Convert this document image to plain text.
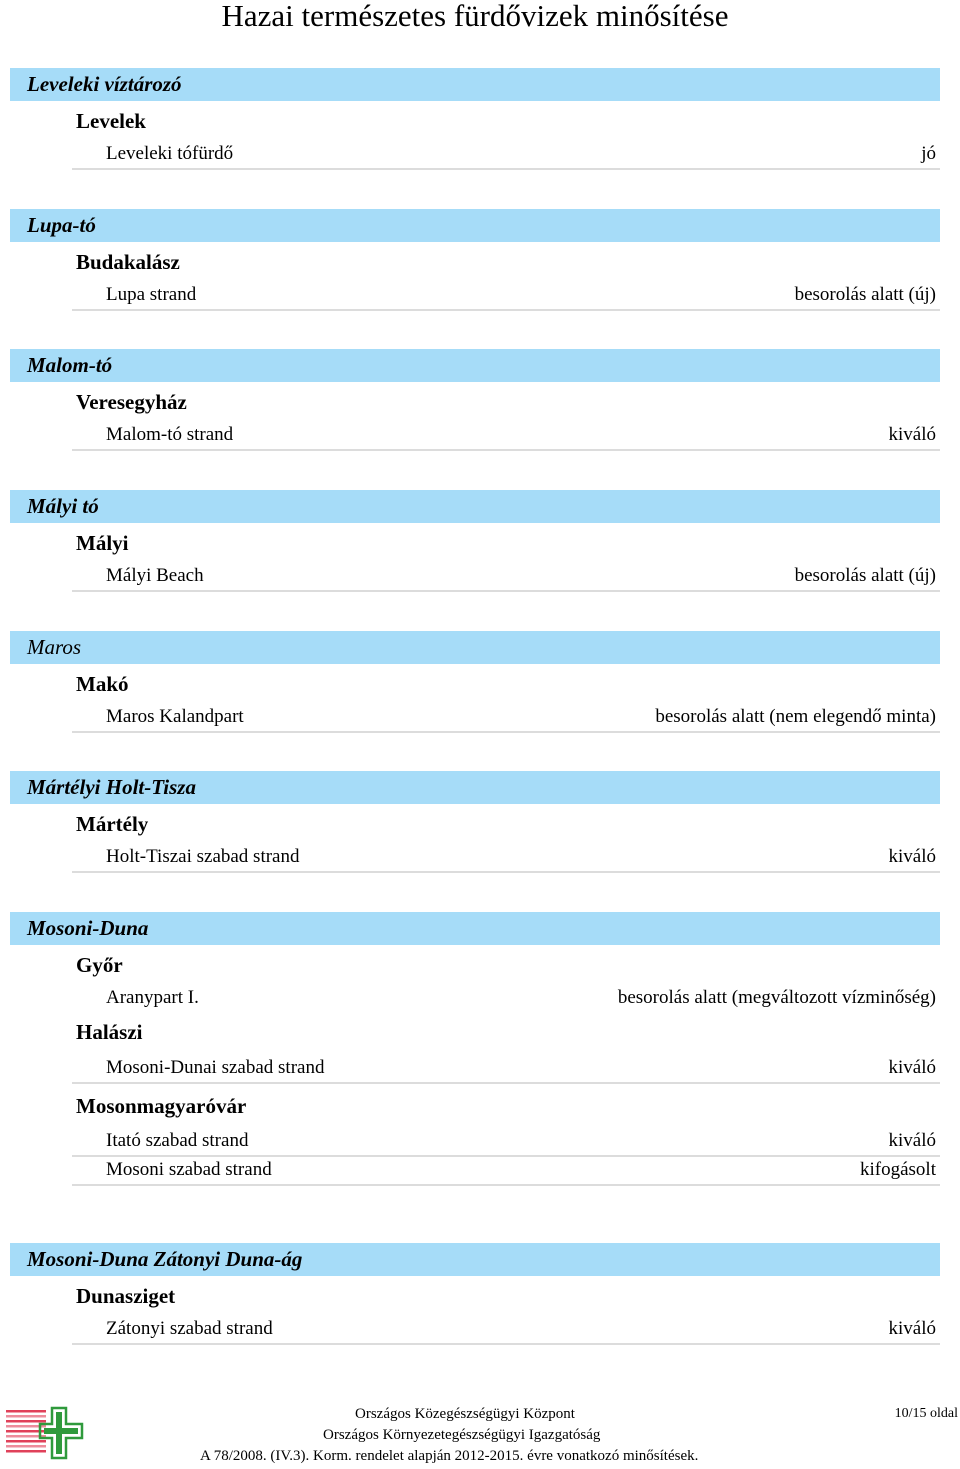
Hazai természetes fürdővizek minősítése
Leveleki víztározó
Levelek
Leveleki tófürdő	jó
Lupa-tó
Budakalász
Lupa strand	besorolás alatt (új)
Malom-tó
Veresegyház
Malom-tó strand	kiváló
Mályi tó
Mályi
Mályi Beach	besorolás alatt (új)
Maros
Makó
Maros Kalandpart	besorolás alatt (nem elegendő minta)
Mártélyi Holt-Tisza
Mártély
Holt-Tiszai szabad strand	kiváló
Mosoni-Duna
Győr
Aranypart I.	besorolás alatt (megváltozott vízminőség)
Halászi
Mosoni-Dunai szabad strand	kiváló
Mosonmagyaróvár
Itató szabad strand	kiváló
Mosoni szabad strand	kifogásolt
Mosoni-Duna Zátonyi Duna-ág
Dunasziget
Zátonyi szabad strand	kiváló
Országos Közegészségügyi Központ
Országos Környezetegészségügyi Igazgatóság
A 78/2008. (IV.3). Korm. rendelet alapján 2012-2015. évre vonatkozó minősítések.
10/15 oldal
